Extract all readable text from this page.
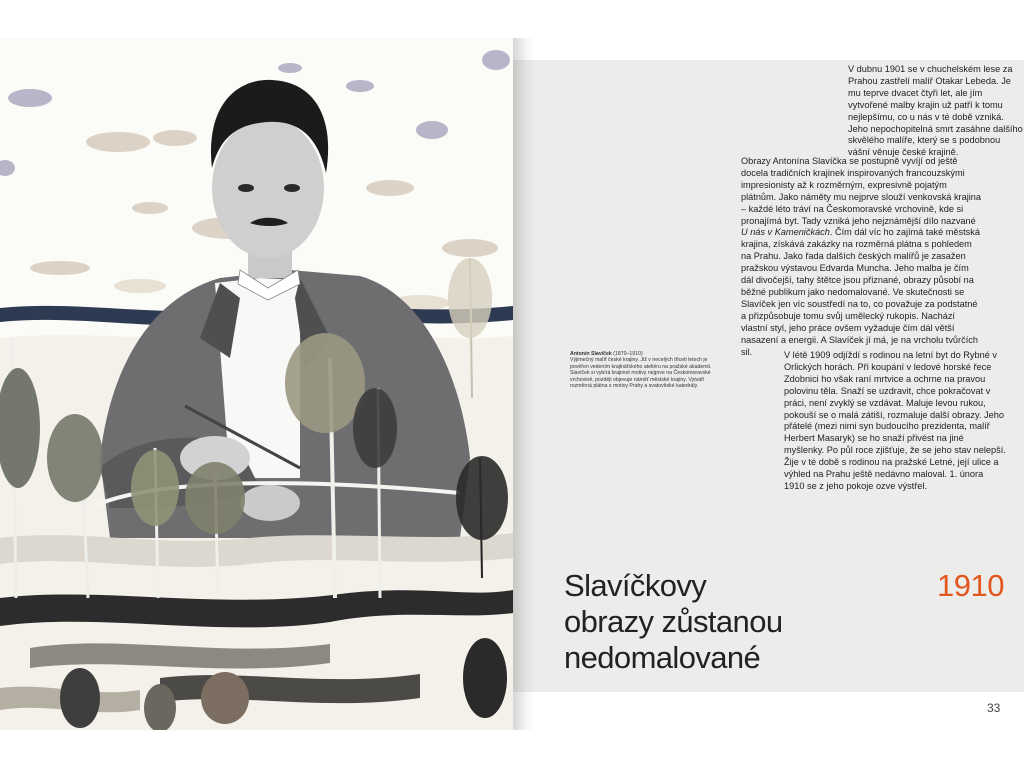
V dubnu 1901 se v chuchelském lese za Prahou zastřelí malíř Otakar Lebeda. Je mu teprve dvacet čtyři let, ale jím vytvořené malby krajin už patří k tomu nejlepšímu, co u nás v té době vzniká. Jeho nepochopitelná smrt zasáhne dalšího skvělého malíře, který se s podobnou vášní věnuje české krajině.

Obrazy Antonína Slavíčka se postupně vyvíjí od ještě docela tradičních krajinek inspirovaných francouzskými impresionisty až k rozměrným, expresivně pojatým plátnům. Jako náměty mu nejprve slouží venkovská krajina – každé léto tráví na Českomoravské vrchovině, kde si pronajímá byt. Tady vzniká jeho nejznámější dílo nazvané U nás v Kameničkách. Čím dál víc ho zajímá také městská krajina, získává zakázky na rozměrná plátna s pohledem na Prahu. Jako řada dalších českých malířů je zasažen pražskou výstavou Edvarda Muncha. Jeho malba je čím dál divočejší, tahy štětce jsou přiznané, obrazy působí na běžné publikum jako nedomalované. Ve skutečnosti se Slavíček jen víc soustředí na to, co považuje za podstatné a přizpůsobuje tomu svůj umělecký rukopis. Nachází vlastní styl, jeho práce ovšem vyžaduje čím dál větší nasazení a energii. A Slavíček jí má, je na vrcholu tvůrčích sil.

Antonín Slavíček (1870–1910)
Výjimečný malíř české krajiny. Již v necelých třiceti letech je pověřen vedením krajinářského ateliéru na pražské akademii. Slavíček si vybírá krajinné motivy nejprve na Českomoravské vrchovině, později objevuje náměť městské krajiny. Vytváří rozměrná plátna s motivy Prahy a svatovítské katedrály.

V létě 1909 odjíždí s rodinou na letní byt do Rybné v Orlických horách. Při koupání v ledové horské řece Zdobnici ho však raní mrtvice a ochrne na pravou polovinu těla. Snaží se uzdravit, chce pokračovat v práci, není zvyklý se vzdávat. Maluje levou rukou, pokouší se o malá zátiší, rozmaluje další obrazy. Jeho přátelé (mezi nimi syn budoucího prezidenta, malíř Herbert Masaryk) se ho snaží přivést na jiné myšlenky. Po půl roce zjišťuje, že se jeho stav nelepší. Žije v té době s rodinou na pražské Letné, její ulice a výhled na Prahu ještě nedávno maloval. 1. února 1910 se z jeho pokoje ozve výstřel.

Slavíčkovy
obrazy zůstanou
nedomalované
1910
33
